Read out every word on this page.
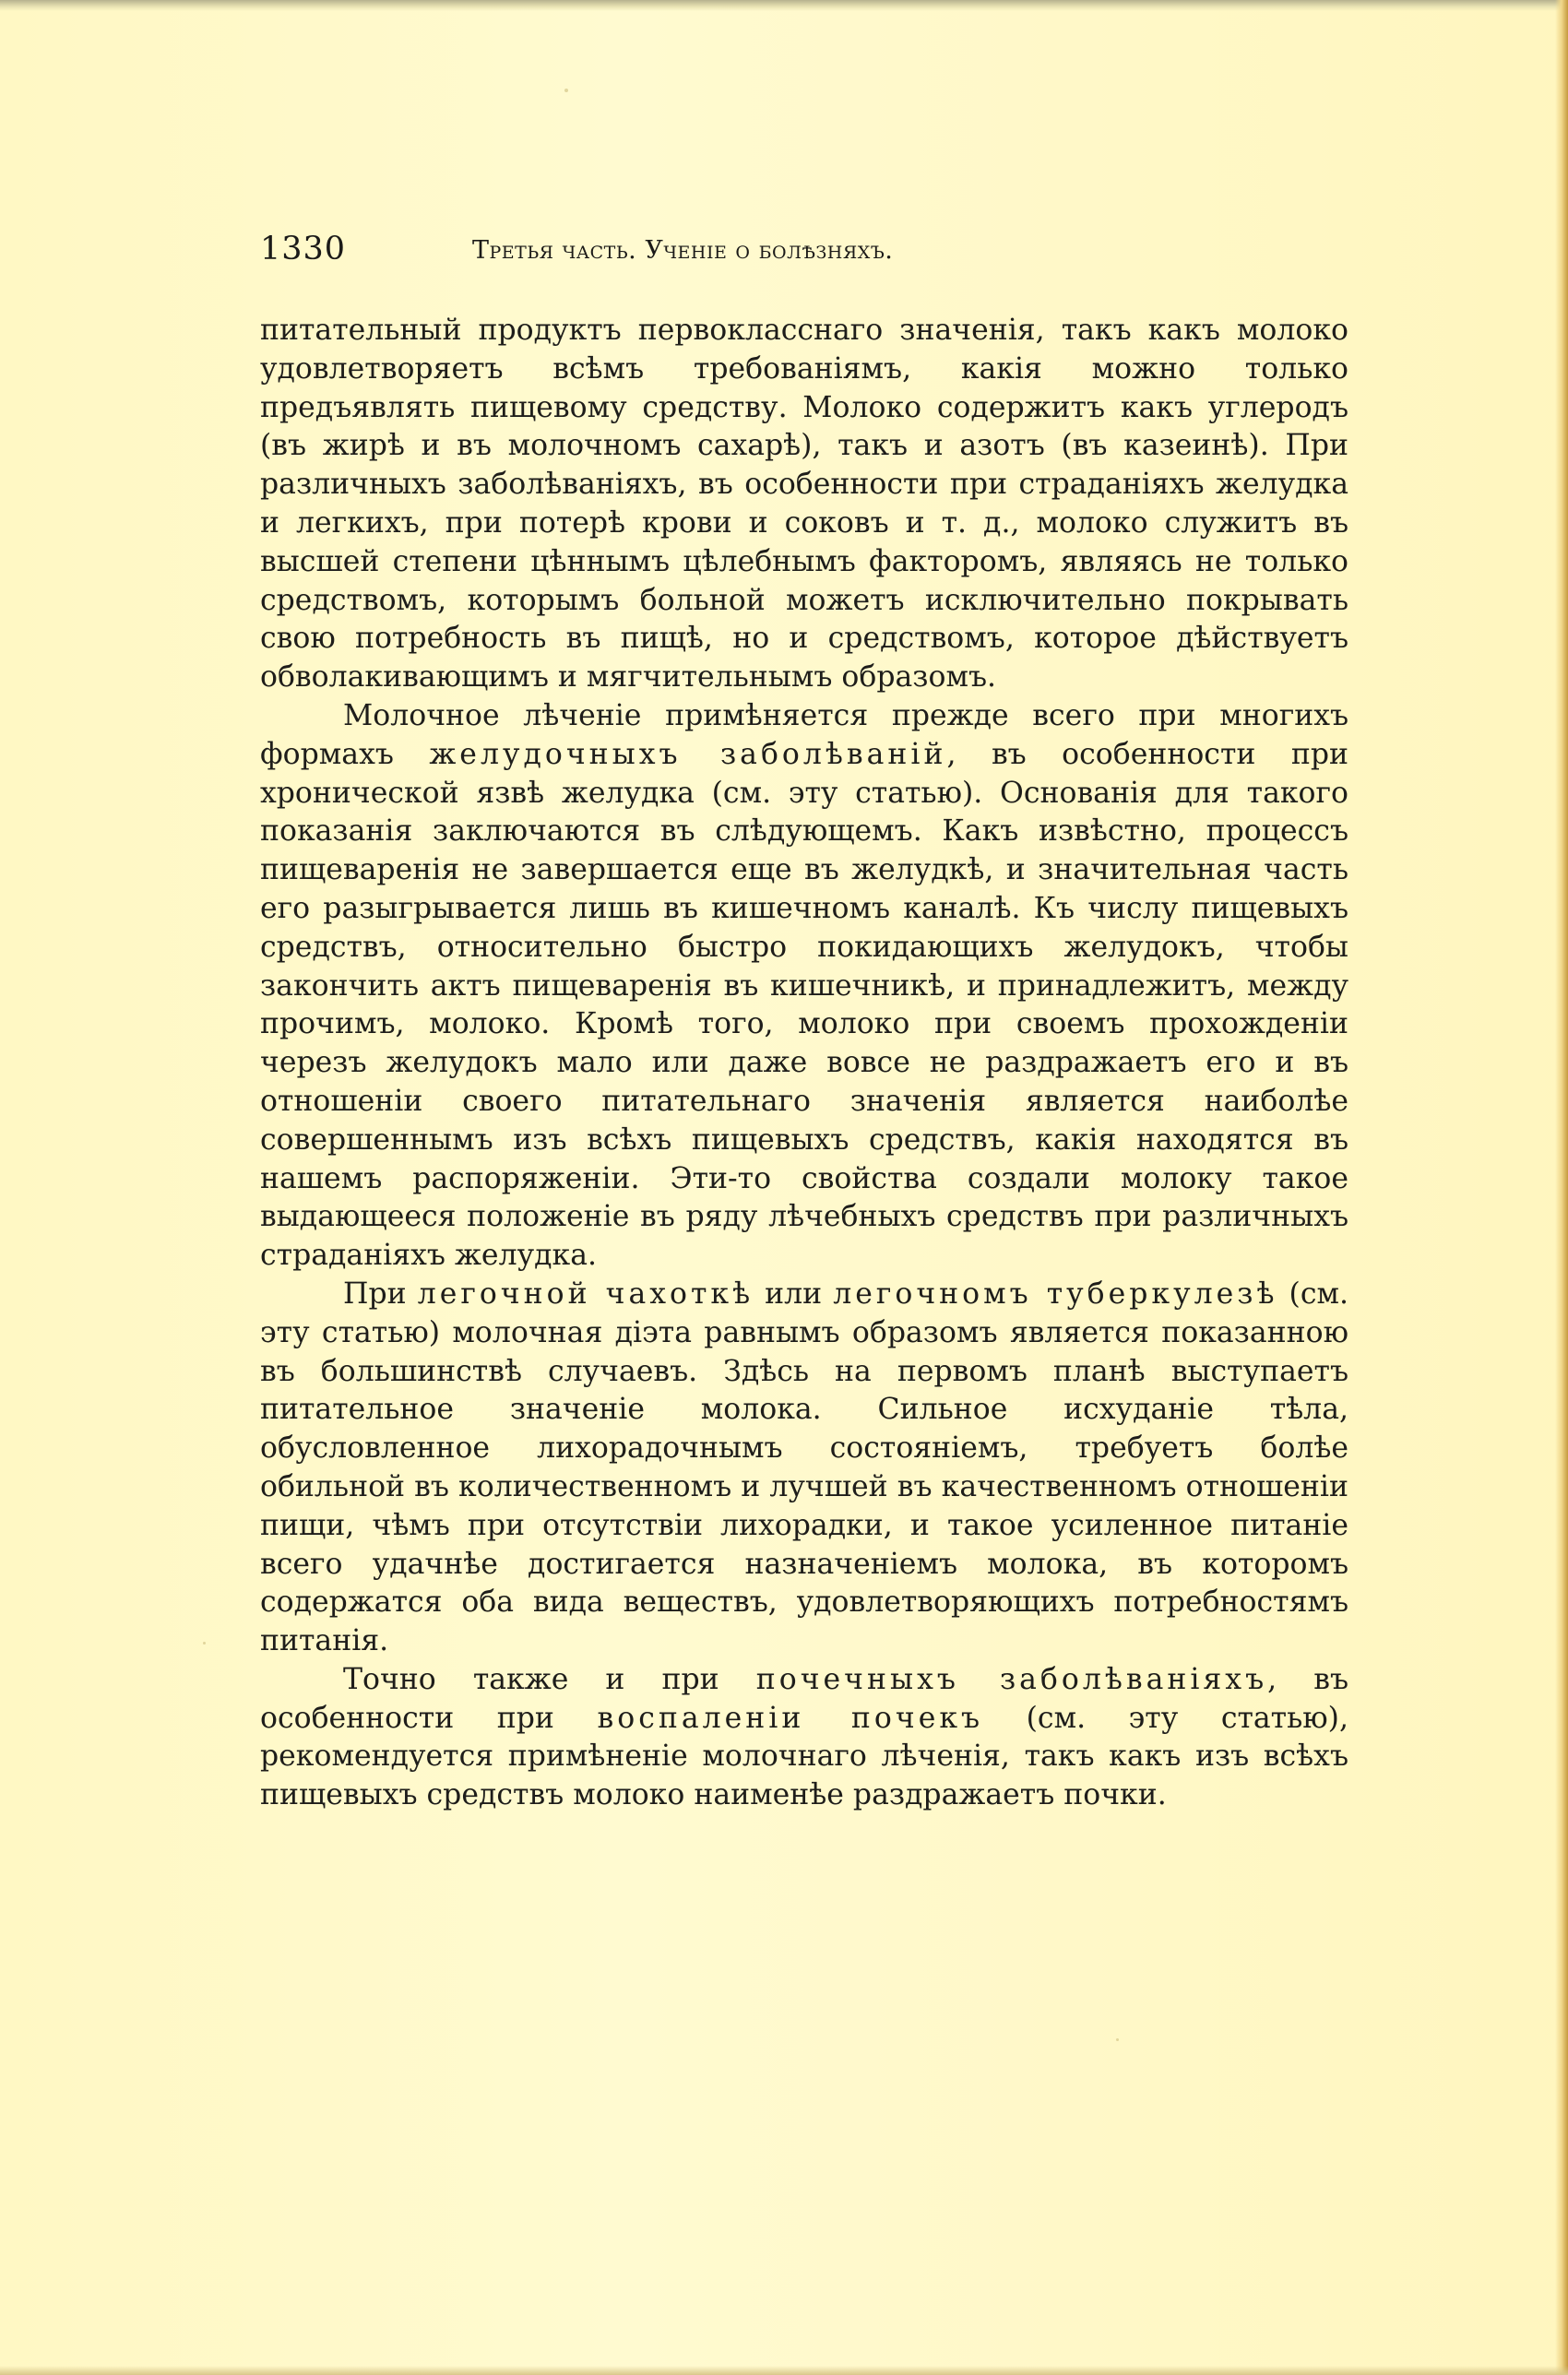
1330	Третья часть. Ученіе о болѣзняхъ.

питательный продуктъ первокласснаго значенія, такъ какъ молоко удовлетворяетъ всѣмъ требованіямъ, какія можно только предъявлять пищевому средству. Молоко содержитъ какъ углеродъ (въ жирѣ и въ молочномъ сахарѣ), такъ и азотъ (въ казеинѣ). При различныхъ заболѣваніяхъ, въ особенности при страданіяхъ желудка и легкихъ, при потерѣ крови и соковъ и т. д., молоко служитъ въ высшей степени цѣннымъ цѣлебнымъ факторомъ, являясь не только средствомъ, которымъ больной можетъ исключительно покрывать свою потребность въ пищѣ, но и средствомъ, которое дѣйствуетъ обволакивающимъ и мягчительнымъ образомъ.

Молочное лѣченіе примѣняется прежде всего при многихъ формахъ желудочныхъ заболѣваній, въ особенности при хронической язвѣ желудка (см. эту статью). Основанія для такого показанія заключаются въ слѣдующемъ. Какъ извѣстно, процессъ пищеваренія не завершается еще въ желудкѣ, и значительная часть его разыгрывается лишь въ кишечномъ каналѣ. Къ числу пищевыхъ средствъ, относительно быстро покидающихъ желудокъ, чтобы закончить актъ пищеваренія въ кишечникѣ, и принадлежитъ, между прочимъ, молоко. Кромѣ того, молоко при своемъ прохожденіи черезъ желудокъ мало или даже вовсе не раздражаетъ его и въ отношеніи своего питательнаго значенія является наиболѣе совершеннымъ изъ всѣхъ пищевыхъ средствъ, какія находятся въ нашемъ распоряженіи. Эти-то свойства создали молоку такое выдающееся положеніе въ ряду лѣчебныхъ средствъ при различныхъ страданіяхъ желудка.

При легочной чахоткѣ или легочномъ туберкулезѣ (см. эту статью) молочная діэта равнымъ образомъ является показанною въ большинствѣ случаевъ. Здѣсь на первомъ планѣ выступаетъ питательное значеніе молока. Сильное исхуданіе тѣла, обусловленное лихорадочнымъ состояніемъ, требуетъ болѣе обильной въ количественномъ и лучшей въ качественномъ отношеніи пищи, чѣмъ при отсутствіи лихорадки, и такое усиленное питаніе всего удачнѣе достигается назначеніемъ молока, въ которомъ содержатся оба вида веществъ, удовлетворяющихъ потребностямъ питанія.

Точно также и при почечныхъ заболѣваніяхъ, въ особенности при воспаленіи почекъ (см. эту статью), рекомендуется примѣненіе молочнаго лѣченія, такъ какъ изъ всѣхъ пищевыхъ средствъ молоко наименѣе раздражаетъ почки.
